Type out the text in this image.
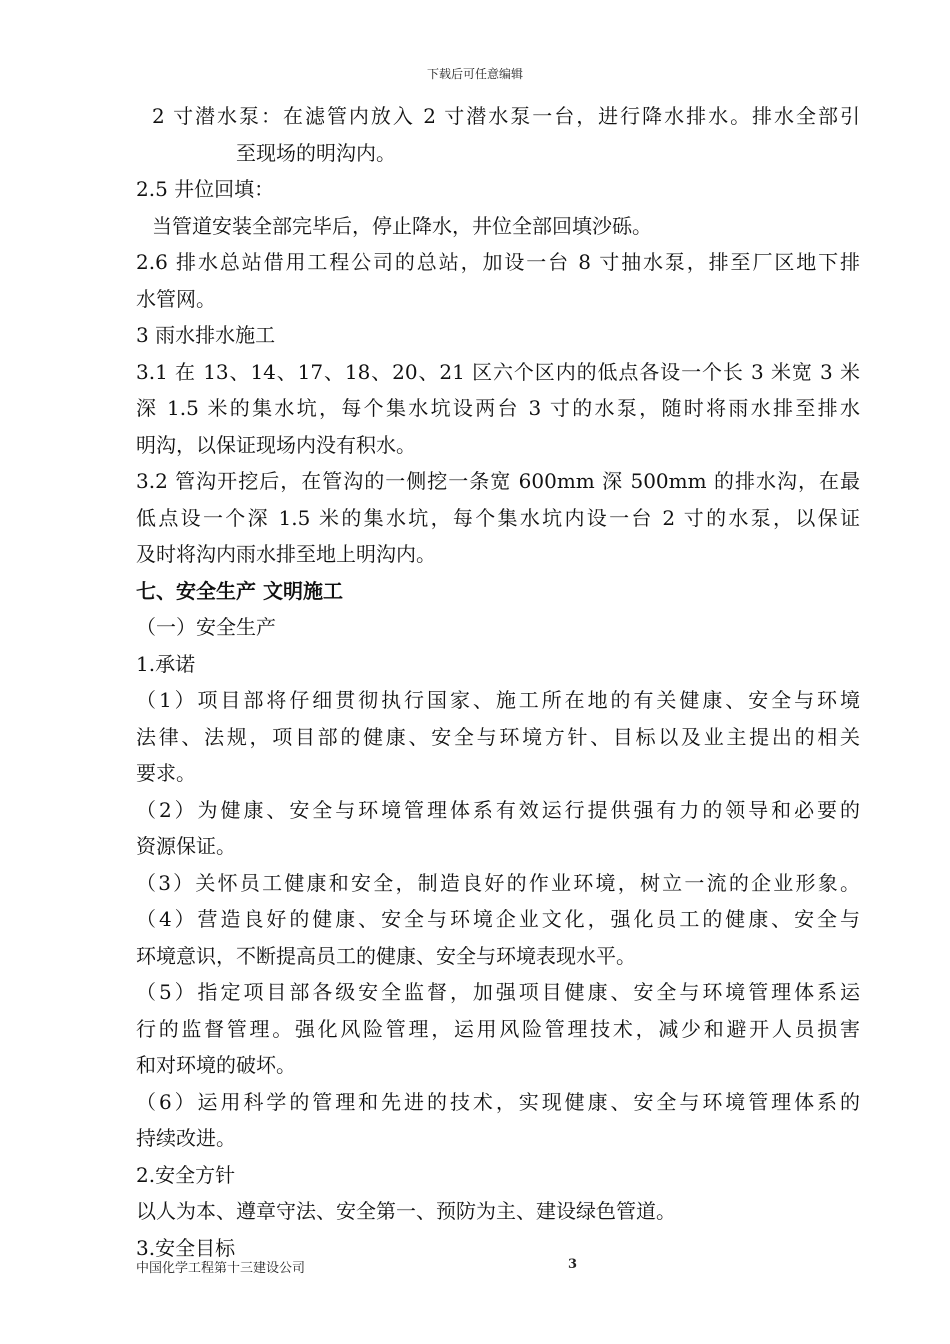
下载后可任意编辑
2 寸潜水泵：在滤管内放入 2 寸潜水泵一台，进行降水排水。排水全部引
至现场的明沟内。
2.5 井位回填：
当管道安装全部完毕后，停止降水，井位全部回填沙砾。
2.6 排水总站借用工程公司的总站，加设一台 8 寸抽水泵，排至厂区地下排
水管网。
3 雨水排水施工
3.1 在 13、14、17、18、20、21 区六个区内的低点各设一个长 3 米宽 3 米
深 1.5 米的集水坑，每个集水坑设两台 3 寸的水泵，随时将雨水排至排水
明沟，以保证现场内没有积水。
3.2 管沟开挖后，在管沟的一侧挖一条宽 600mm 深 500mm 的排水沟，在最
低点设一个深 1.5 米的集水坑，每个集水坑内设一台 2 寸的水泵，以保证
及时将沟内雨水排至地上明沟内。
七、安全生产 文明施工
（一）安全生产
1.承诺
（1）项目部将仔细贯彻执行国家、施工所在地的有关健康、安全与环境
法律、法规，项目部的健康、安全与环境方针、目标以及业主提出的相关
要求。
（2）为健康、安全与环境管理体系有效运行提供强有力的领导和必要的
资源保证。
（3）关怀员工健康和安全，制造良好的作业环境，树立一流的企业形象。
（4）营造良好的健康、安全与环境企业文化，强化员工的健康、安全与
环境意识，不断提高员工的健康、安全与环境表现水平。
（5）指定项目部各级安全监督，加强项目健康、安全与环境管理体系运
行的监督管理。强化风险管理，运用风险管理技术，减少和避开人员损害
和对环境的破坏。
（6）运用科学的管理和先进的技术，实现健康、安全与环境管理体系的
持续改进。
2.安全方针
以人为本、遵章守法、安全第一、预防为主、建设绿色管道。
3.安全目标
中国化学工程第十三建设公司	3
